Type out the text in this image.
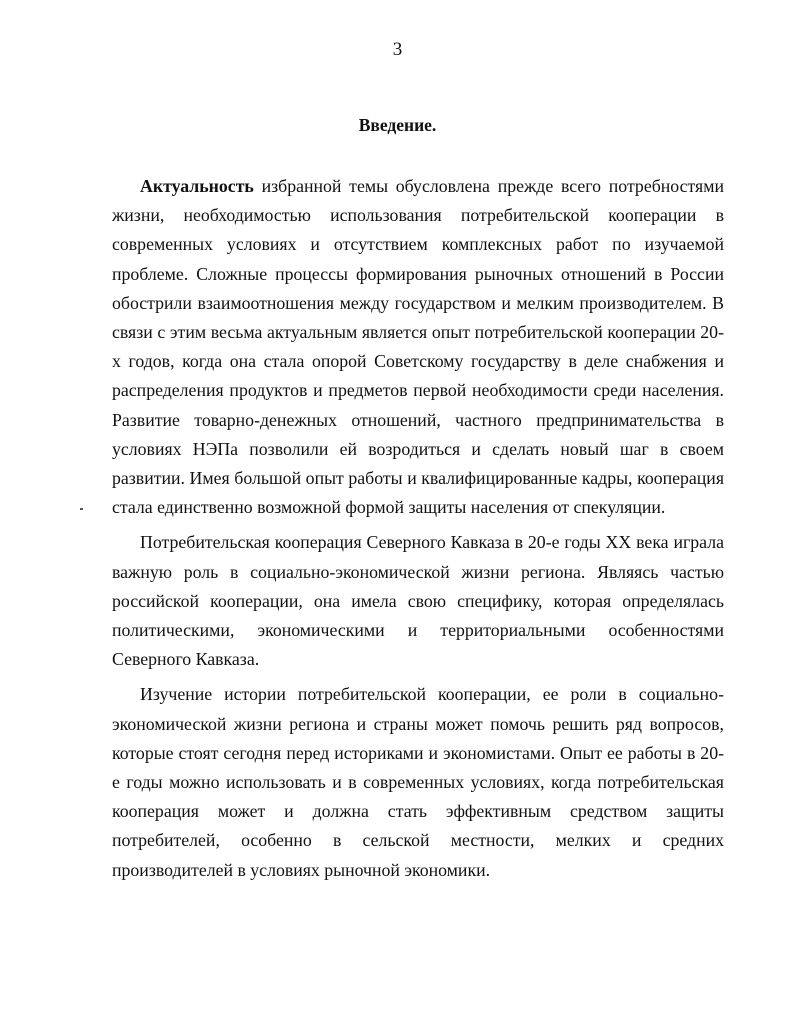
3
Введение.

Актуальность избранной темы обусловлена прежде всего потребностями жизни, необходимостью использования потребительской кооперации в современных условиях и отсутствием комплексных работ по изучаемой проблеме. Сложные процессы формирования рыночных отношений в России обострили взаимоотношения между государством и мелким производителем. В связи с этим весьма актуальным является опыт потребительской кооперации 20-х годов, когда она стала опорой Советскому государству в деле снабжения и распределения продуктов и предметов первой необходимости среди населения. Развитие товарно-денежных отношений, частного предпринимательства в условиях НЭПа позволили ей возродиться и сделать новый шаг в своем развитии. Имея большой опыт работы и квалифицированные кадры, кооперация стала единственно возможной формой защиты населения от спекуляции.

Потребительская кооперация Северного Кавказа в 20-е годы XX века играла важную роль в социально-экономической жизни региона. Являясь частью российской кооперации, она имела свою специфику, которая определялась политическими, экономическими и территориальными особенностями Северного Кавказа.

Изучение истории потребительской кооперации, ее роли в социально-экономической жизни региона и страны может помочь решить ряд вопросов, которые стоят сегодня перед историками и экономистами. Опыт ее работы в 20-е годы можно использовать и в современных условиях, когда потребительская кооперация может и должна стать эффективным средством защиты потребителей, особенно в сельской местности, мелких и средних производителей в условиях рыночной экономики.
